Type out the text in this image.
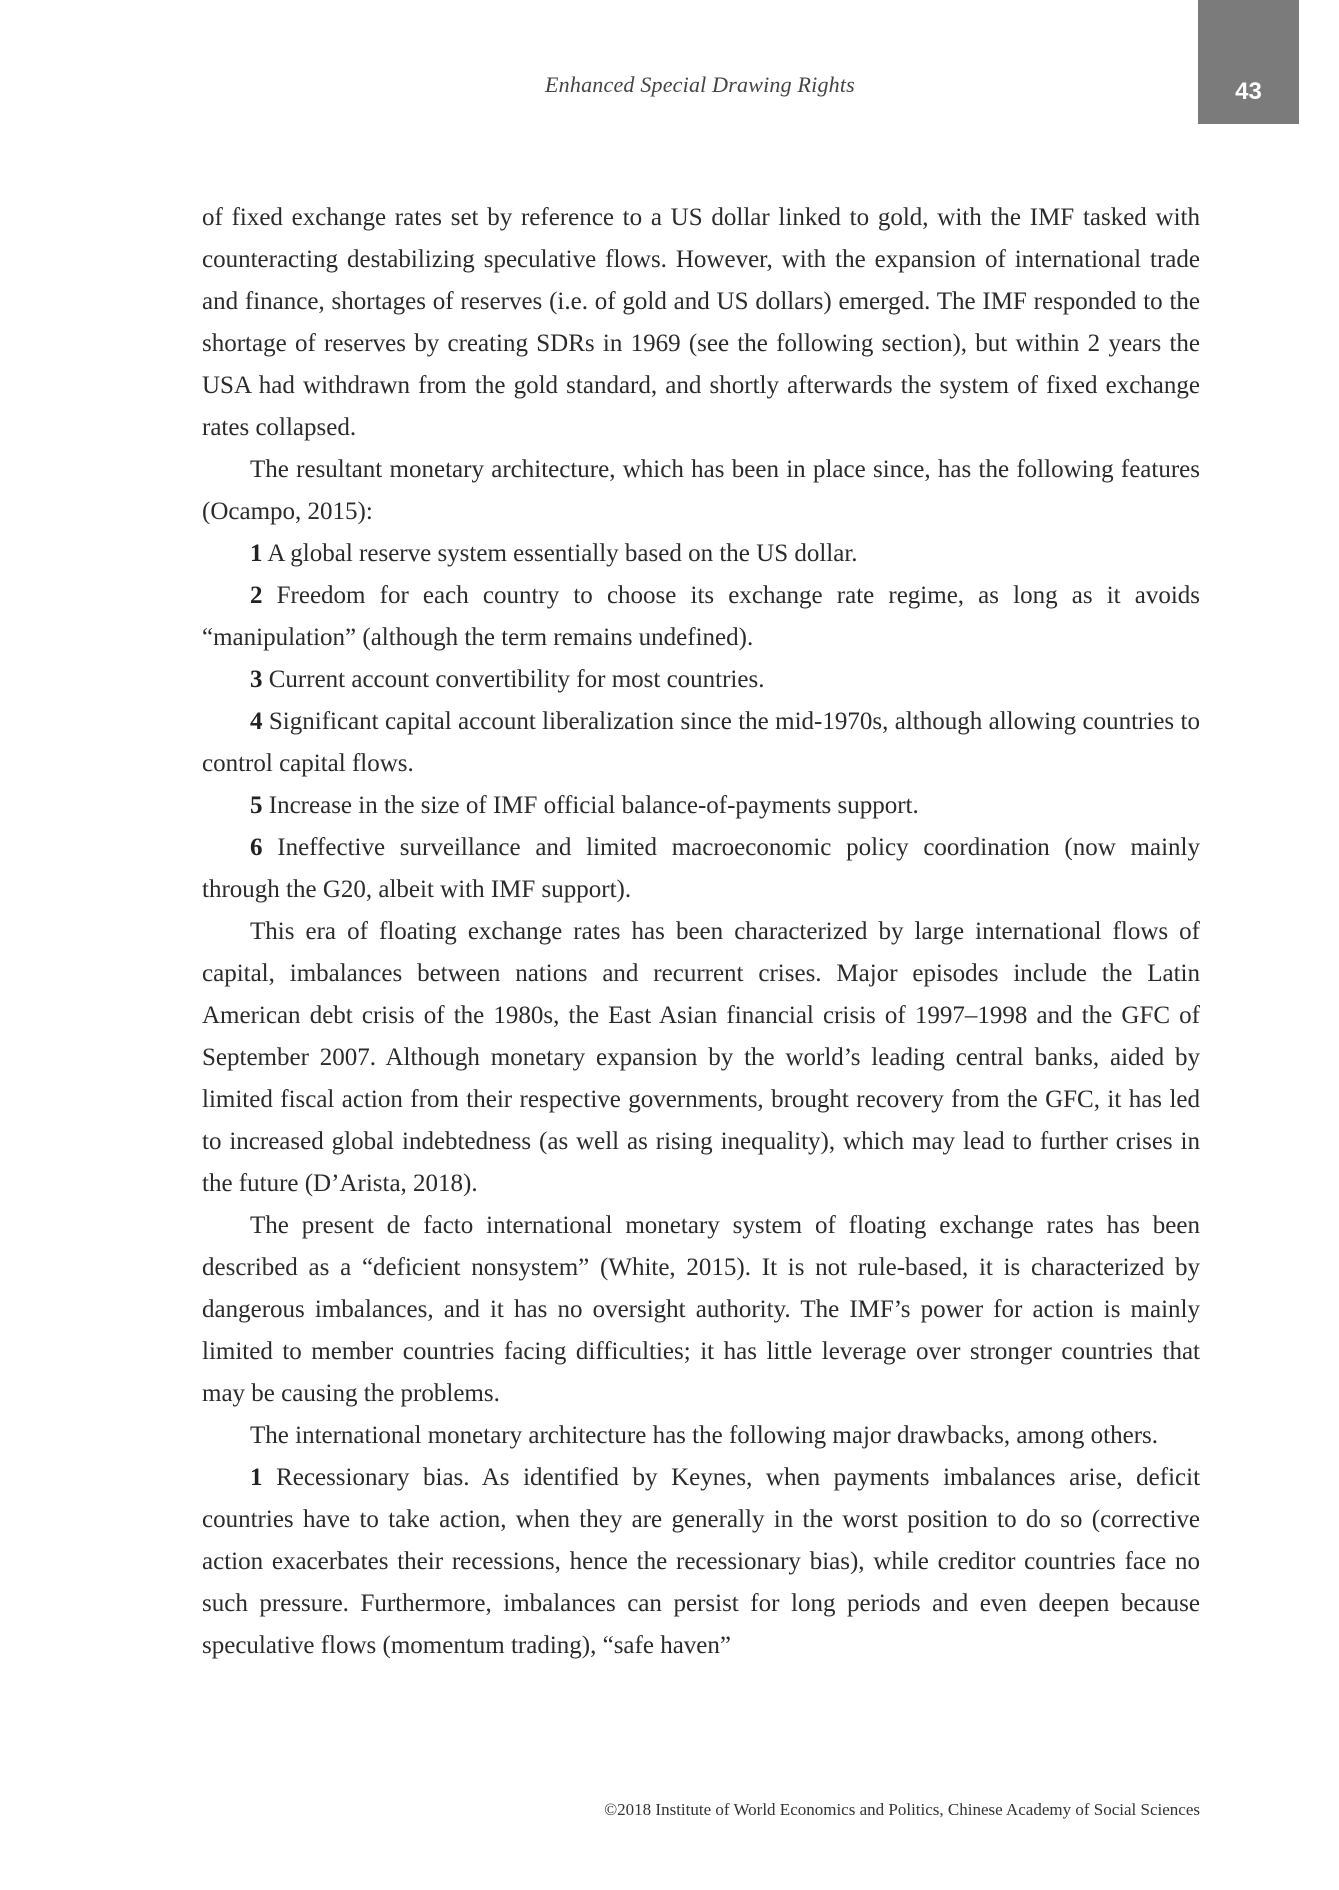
Enhanced Special Drawing Rights	43

of fixed exchange rates set by reference to a US dollar linked to gold, with the IMF tasked with counteracting destabilizing speculative flows. However, with the expansion of international trade and finance, shortages of reserves (i.e. of gold and US dollars) emerged. The IMF responded to the shortage of reserves by creating SDRs in 1969 (see the following section), but within 2 years the USA had withdrawn from the gold standard, and shortly afterwards the system of fixed exchange rates collapsed.

The resultant monetary architecture, which has been in place since, has the following features (Ocampo, 2015):

1 A global reserve system essentially based on the US dollar.

2 Freedom for each country to choose its exchange rate regime, as long as it avoids “manipulation” (although the term remains undefined).

3 Current account convertibility for most countries.

4 Significant capital account liberalization since the mid-1970s, although allowing countries to control capital flows.

5 Increase in the size of IMF official balance-of-payments support.

6 Ineffective surveillance and limited macroeconomic policy coordination (now mainly through the G20, albeit with IMF support).

This era of floating exchange rates has been characterized by large international flows of capital, imbalances between nations and recurrent crises. Major episodes include the Latin American debt crisis of the 1980s, the East Asian financial crisis of 1997–1998 and the GFC of September 2007. Although monetary expansion by the world’s leading central banks, aided by limited fiscal action from their respective governments, brought recovery from the GFC, it has led to increased global indebtedness (as well as rising inequality), which may lead to further crises in the future (D’Arista, 2018).

The present de facto international monetary system of floating exchange rates has been described as a “deficient nonsystem” (White, 2015). It is not rule-based, it is characterized by dangerous imbalances, and it has no oversight authority. The IMF’s power for action is mainly limited to member countries facing difficulties; it has little leverage over stronger countries that may be causing the problems.

The international monetary architecture has the following major drawbacks, among others.

1 Recessionary bias. As identified by Keynes, when payments imbalances arise, deficit countries have to take action, when they are generally in the worst position to do so (corrective action exacerbates their recessions, hence the recessionary bias), while creditor countries face no such pressure. Furthermore, imbalances can persist for long periods and even deepen because speculative flows (momentum trading), “safe haven”

©2018 Institute of World Economics and Politics, Chinese Academy of Social Sciences
